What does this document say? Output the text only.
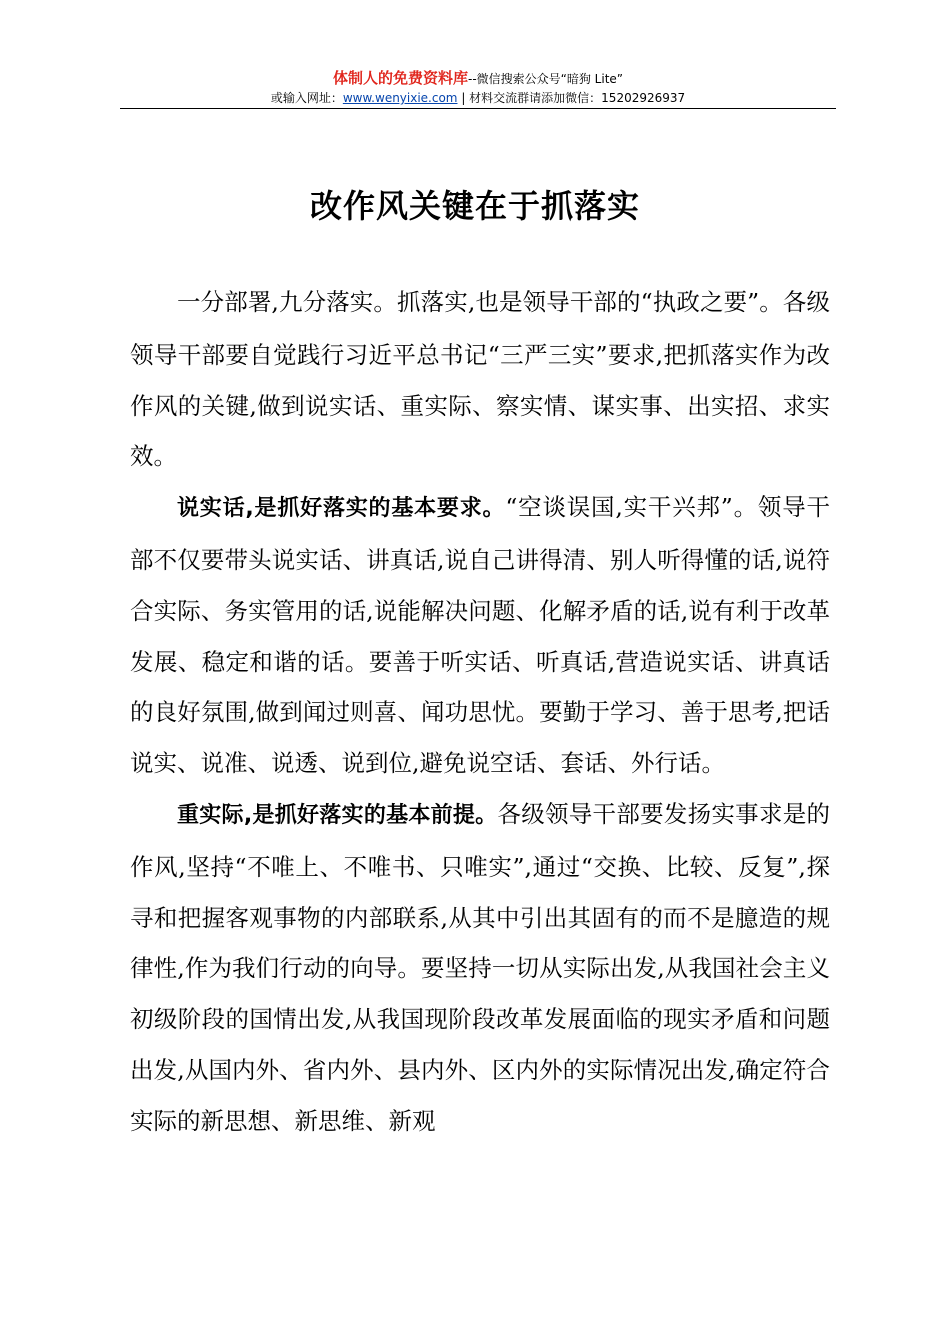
体制人的免费资料库--微信搜索公众号“暗狗 Lite”
或输入网址：www.wenyixie.com | 材料交流群请添加微信：15202926937
改作风关键在于抓落实

一分部署,九分落实。抓落实,也是领导干部的“执政之要”。各级领导干部要自觉践行习近平总书记“三严三实”要求,把抓落实作为改作风的关键,做到说实话、重实际、察实情、谋实事、出实招、求实效。

说实话,是抓好落实的基本要求。“空谈误国,实干兴邦”。领导干部不仅要带头说实话、讲真话,说自己讲得清、别人听得懂的话,说符合实际、务实管用的话,说能解决问题、化解矛盾的话,说有利于改革发展、稳定和谐的话。要善于听实话、听真话,营造说实话、讲真话的良好氛围,做到闻过则喜、闻功思忧。要勤于学习、善于思考,把话说实、说准、说透、说到位,避免说空话、套话、外行话。

重实际,是抓好落实的基本前提。各级领导干部要发扬实事求是的作风,坚持“不唯上、不唯书、只唯实”,通过“交换、比较、反复”,探寻和把握客观事物的内部联系,从其中引出其固有的而不是臆造的规律性,作为我们行动的向导。要坚持一切从实际出发,从我国社会主义初级阶段的国情出发,从我国现阶段改革发展面临的现实矛盾和问题出发,从国内外、省内外、县内外、区内外的实际情况出发,确定符合实际的新思想、新思维、新观
